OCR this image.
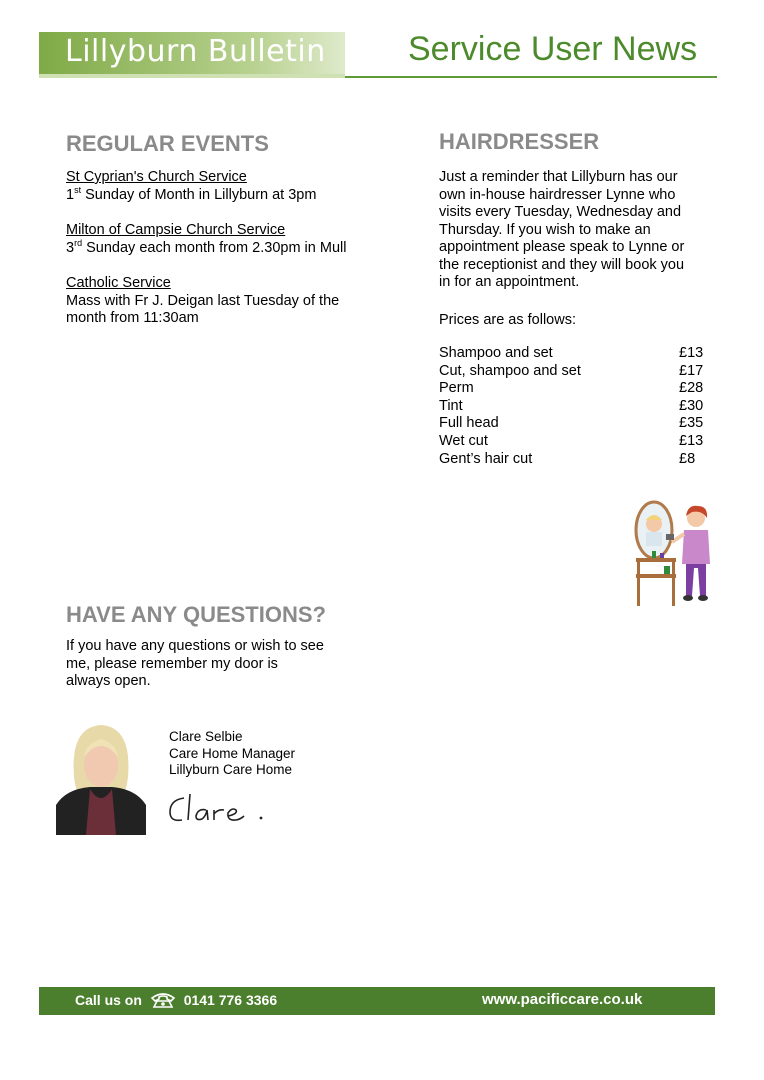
Lillyburn Bulletin Service User News
REGULAR EVENTS
St Cyprian's Church Service
1st Sunday of Month in Lillyburn at 3pm
Milton of Campsie Church Service
3rd Sunday each month from 2.30pm in Mull
Catholic Service
Mass with Fr J. Deigan last Tuesday of the
month from 11:30am
HAIRDRESSER
Just a reminder that Lillyburn has our
own in-house hairdresser Lynne who
visits every Tuesday, Wednesday and
Thursday. If you wish to make an
appointment please speak to Lynne or
the receptionist and they will book you
in for an appointment.
Prices are as follows:
Shampoo and set	£13
Cut, shampoo and set	£17
Perm	£28
Tint	£30
Full head	£35
Wet cut	£13
Gent’s hair cut	£8
HAVE ANY QUESTIONS?
If you have any questions or wish to see
me, please remember my door is
always open.
Clare Selbie
Care Home Manager
Lillyburn Care Home
Call us on	0141 776 3366	www.pacificcare.co.uk
